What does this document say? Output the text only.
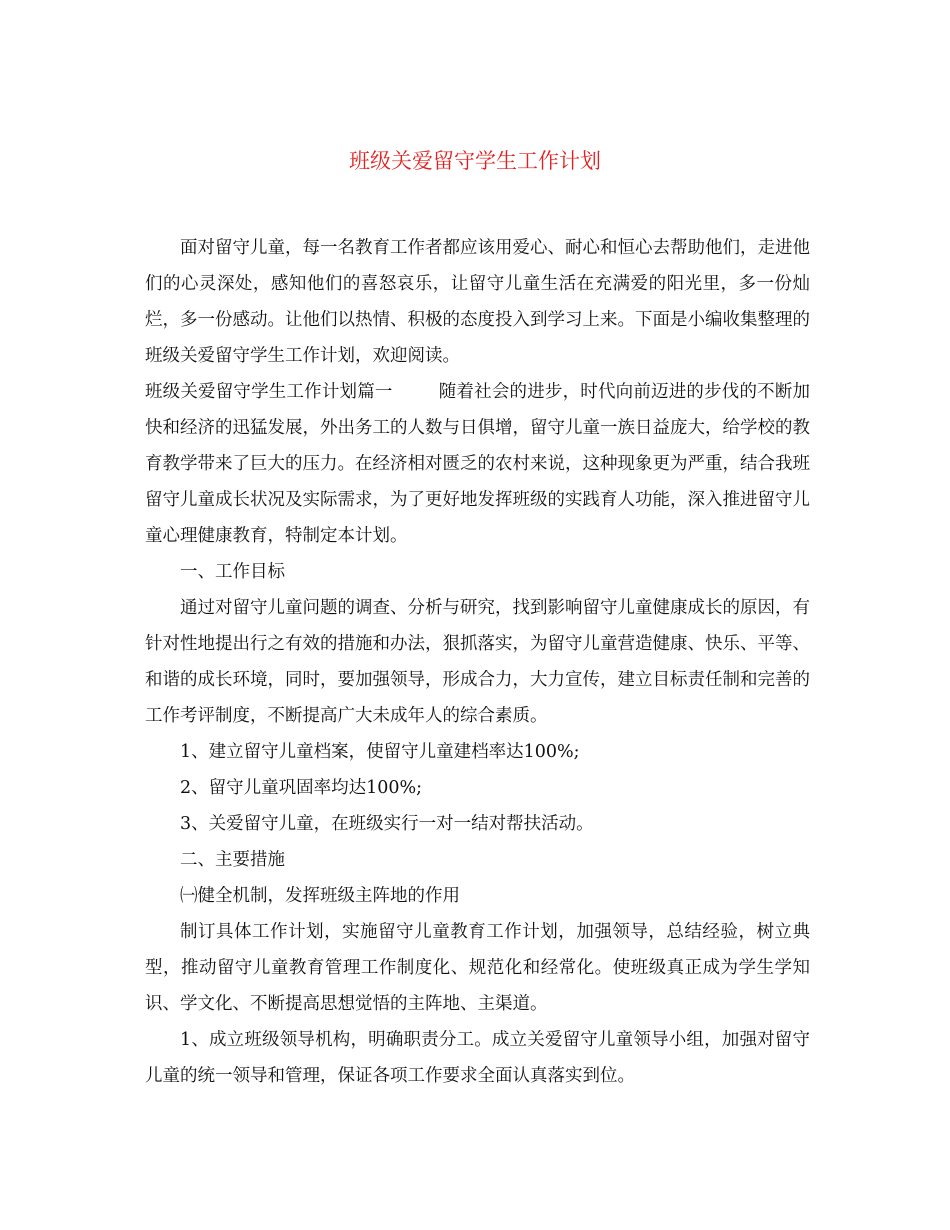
班级关爱留守学生工作计划

面对留守儿童，每一名教育工作者都应该用爱心、耐心和恒心去帮助他们，走进他们的心灵深处，感知他们的喜怒哀乐，让留守儿童生活在充满爱的阳光里，多一份灿烂，多一份感动。让他们以热情、积极的态度投入到学习上来。下面是小编收集整理的班级关爱留守学生工作计划，欢迎阅读。

班级关爱留守学生工作计划篇一	随着社会的进步，时代向前迈进的步伐的不断加快和经济的迅猛发展，外出务工的人数与日俱增，留守儿童一族日益庞大，给学校的教育教学带来了巨大的压力。在经济相对匮乏的农村来说，这种现象更为严重，结合我班留守儿童成长状况及实际需求，为了更好地发挥班级的实践育人功能，深入推进留守儿童心理健康教育，特制定本计划。

一、工作目标

通过对留守儿童问题的调查、分析与研究，找到影响留守儿童健康成长的原因，有针对性地提出行之有效的措施和办法，狠抓落实，为留守儿童营造健康、快乐、平等、和谐的成长环境，同时，要加强领导，形成合力，大力宣传，建立目标责任制和完善的工作考评制度，不断提高广大未成年人的综合素质。

1、建立留守儿童档案，使留守儿童建档率达100%;

2、留守儿童巩固率均达100%;

3、关爱留守儿童，在班级实行一对一结对帮扶活动。

二、主要措施

㈠健全机制，发挥班级主阵地的作用

制订具体工作计划，实施留守儿童教育工作计划，加强领导，总结经验，树立典型，推动留守儿童教育管理工作制度化、规范化和经常化。使班级真正成为学生学知识、学文化、不断提高思想觉悟的主阵地、主渠道。

1、成立班级领导机构，明确职责分工。成立关爱留守儿童领导小组，加强对留守儿童的统一领导和管理，保证各项工作要求全面认真落实到位。
